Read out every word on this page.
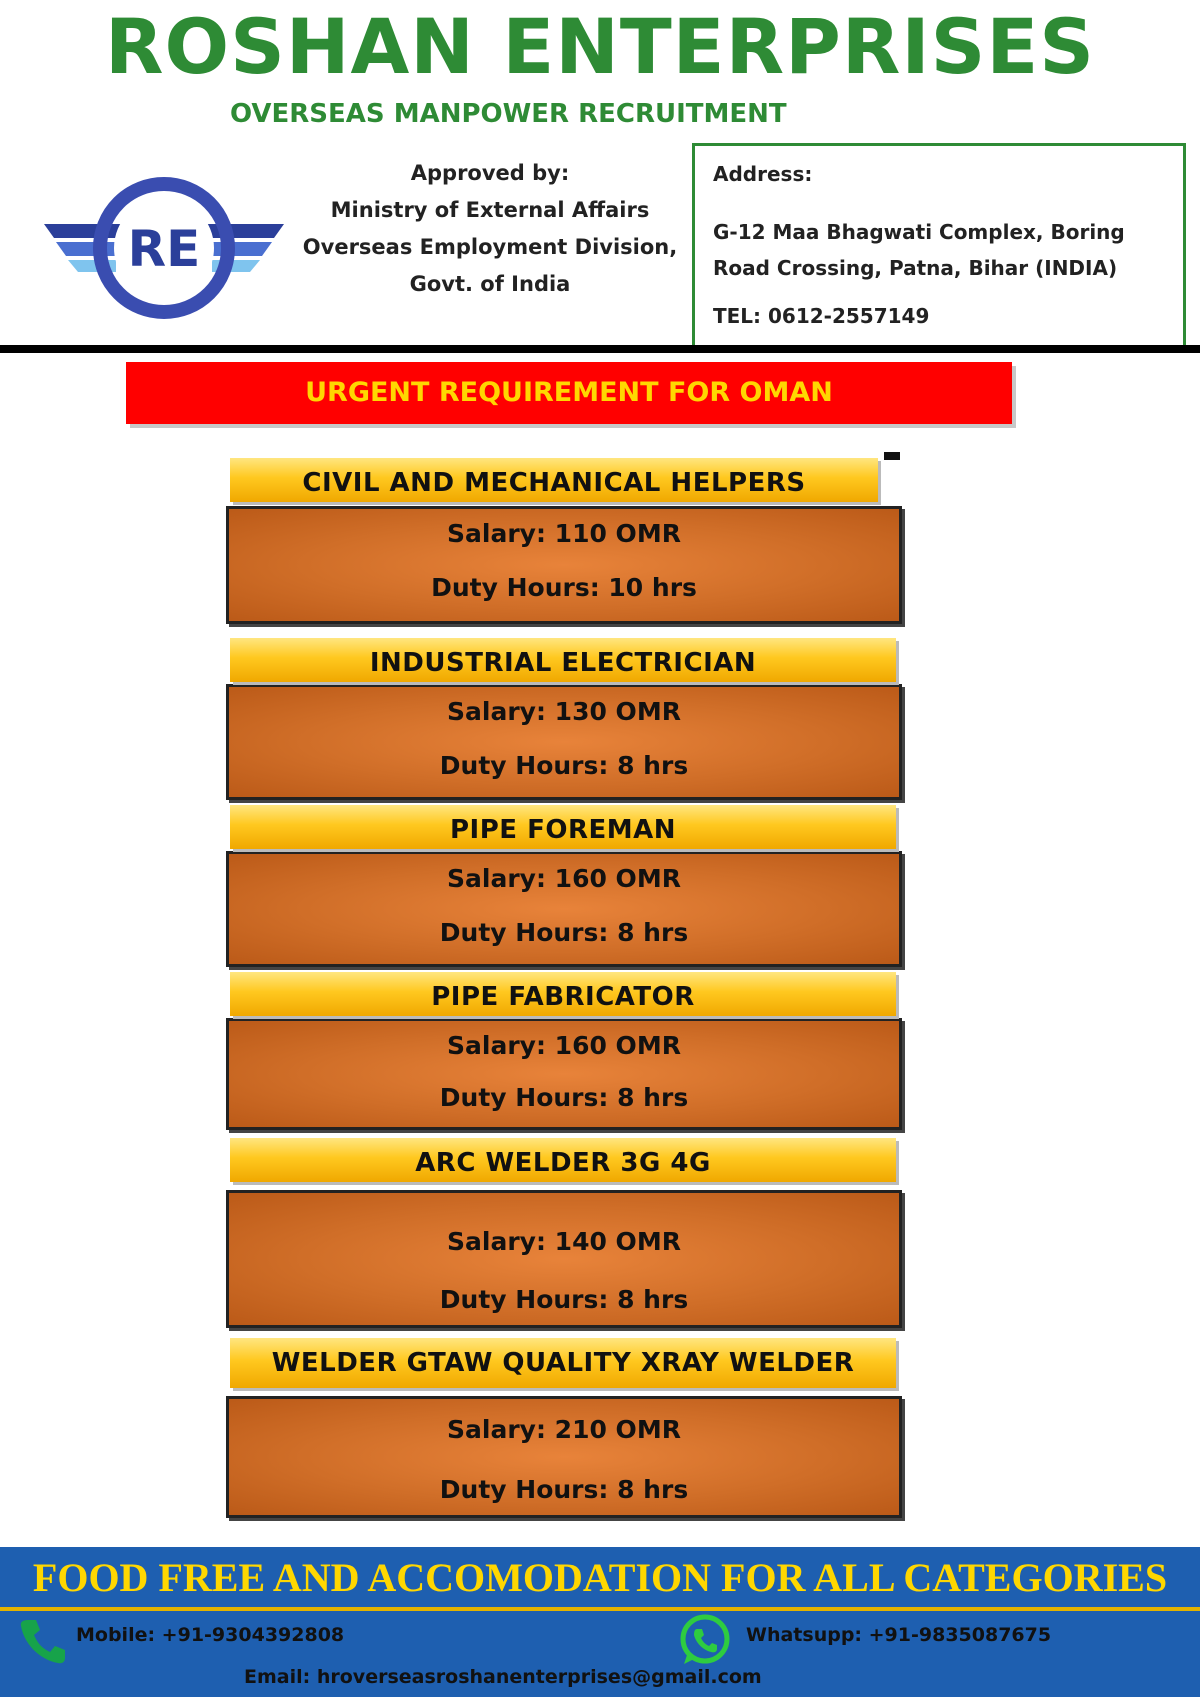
ROSHAN ENTERPRISES
OVERSEAS MANPOWER RECRUITMENT
RE
Approved by:
Ministry of External Affairs
Overseas Employment Division,
Govt. of India
Address:
G-12 Maa Bhagwati Complex, Boring Road Crossing, Patna, Bihar (INDIA)
TEL: 0612-2557149
URGENT REQUIREMENT FOR OMAN
Salary: 110 OMR
Duty Hours: 10 hrs
CIVIL AND MECHANICAL HELPERS
Salary: 130 OMR
Duty Hours: 8 hrs
INDUSTRIAL ELECTRICIAN
Salary: 160 OMR
Duty Hours: 8 hrs
PIPE FOREMAN
Salary: 160 OMR
Duty Hours: 8 hrs
PIPE FABRICATOR
Salary: 140 OMR
Duty Hours: 8 hrs
ARC WELDER 3G 4G
Salary: 210 OMR
Duty Hours: 8 hrs
WELDER GTAW QUALITY XRAY WELDER
FOOD FREE AND ACCOMODATION FOR ALL CATEGORIES
Mobile: +91-9304392808	Whatsupp: +91-9835087675
Email: hroverseasroshanenterprises@gmail.com
